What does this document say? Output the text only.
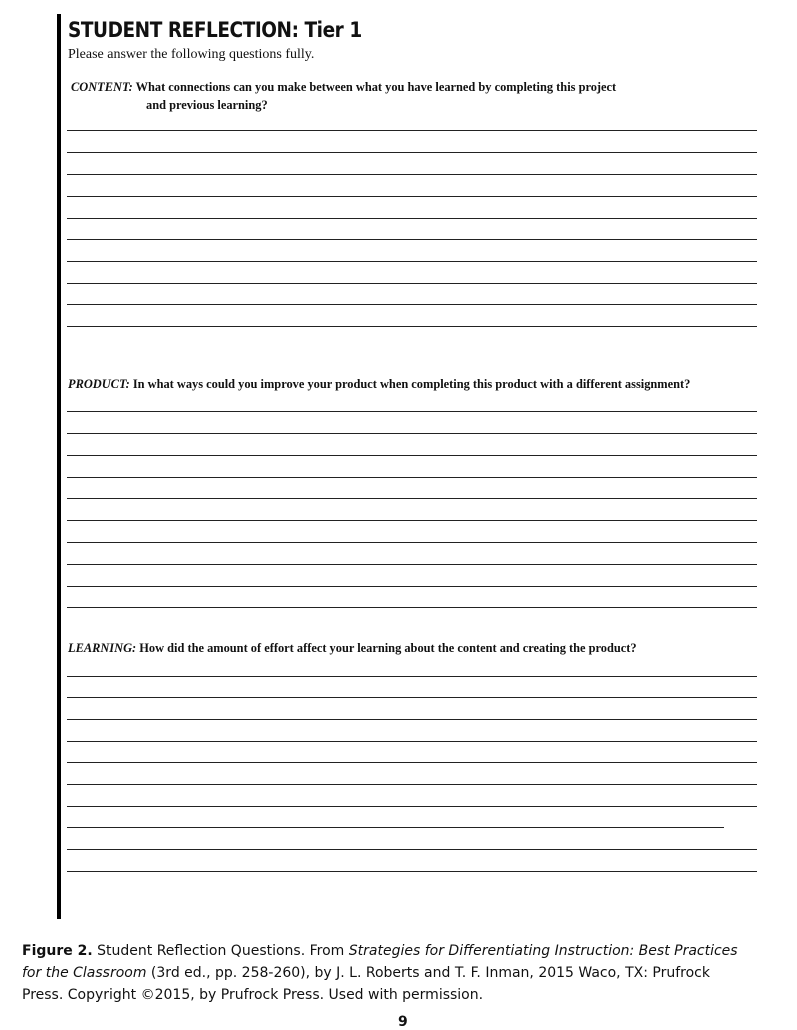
STUDENT REFLECTION: Tier 1
Please answer the following questions fully.
CONTENT: What connections can you make between what you have learned by completing this project
and previous learning?
PRODUCT: In what ways could you improve your product when completing this product with a different assignment?
LEARNING: How did the amount of effort affect your learning about the content and creating the product?
Figure 2. Student Reflection Questions. From Strategies for Differentiating Instruction: Best Practices for the Classroom (3rd ed., pp. 258-260), by J. L. Roberts and T. F. Inman, 2015 Waco, TX: Prufrock Press. Copyright ©2015, by Prufrock Press. Used with permission.
9
